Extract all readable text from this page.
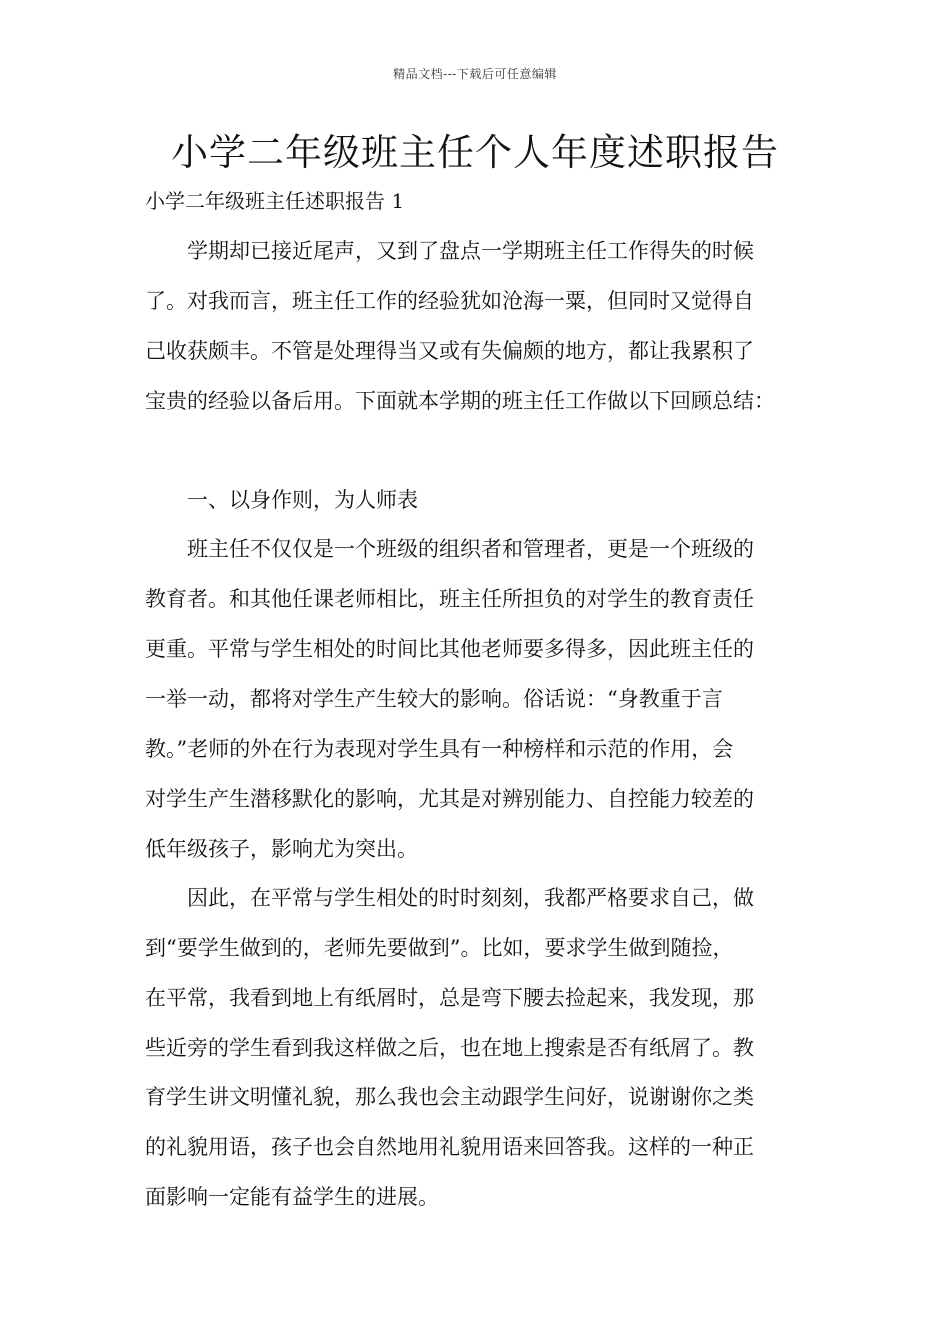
精品文档---下载后可任意编辑
小学二年级班主任个人年度述职报告

小学二年级班主任述职报告 1

　　学期却已接近尾声，又到了盘点一学期班主任工作得失的时候

了。对我而言，班主任工作的经验犹如沧海一粟，但同时又觉得自

己收获颇丰。不管是处理得当又或有失偏颇的地方，都让我累积了

宝贵的经验以备后用。下面就本学期的班主任工作做以下回顾总结：

　　一、以身作则，为人师表

　　班主任不仅仅是一个班级的组织者和管理者，更是一个班级的

教育者。和其他任课老师相比，班主任所担负的对学生的教育责任

更重。平常与学生相处的时间比其他老师要多得多，因此班主任的

一举一动，都将对学生产生较大的影响。俗话说：“身教重于言

教。”老师的外在行为表现对学生具有一种榜样和示范的作用，会

对学生产生潜移默化的影响，尤其是对辨别能力、自控能力较差的

低年级孩子，影响尤为突出。

　　因此，在平常与学生相处的时时刻刻，我都严格要求自己，做

到“要学生做到的，老师先要做到”。比如，要求学生做到随捡，

在平常，我看到地上有纸屑时，总是弯下腰去捡起来，我发现，那

些近旁的学生看到我这样做之后，也在地上搜索是否有纸屑了。教

育学生讲文明懂礼貌，那么我也会主动跟学生问好，说谢谢你之类

的礼貌用语，孩子也会自然地用礼貌用语来回答我。这样的一种正

面影响一定能有益学生的进展。
